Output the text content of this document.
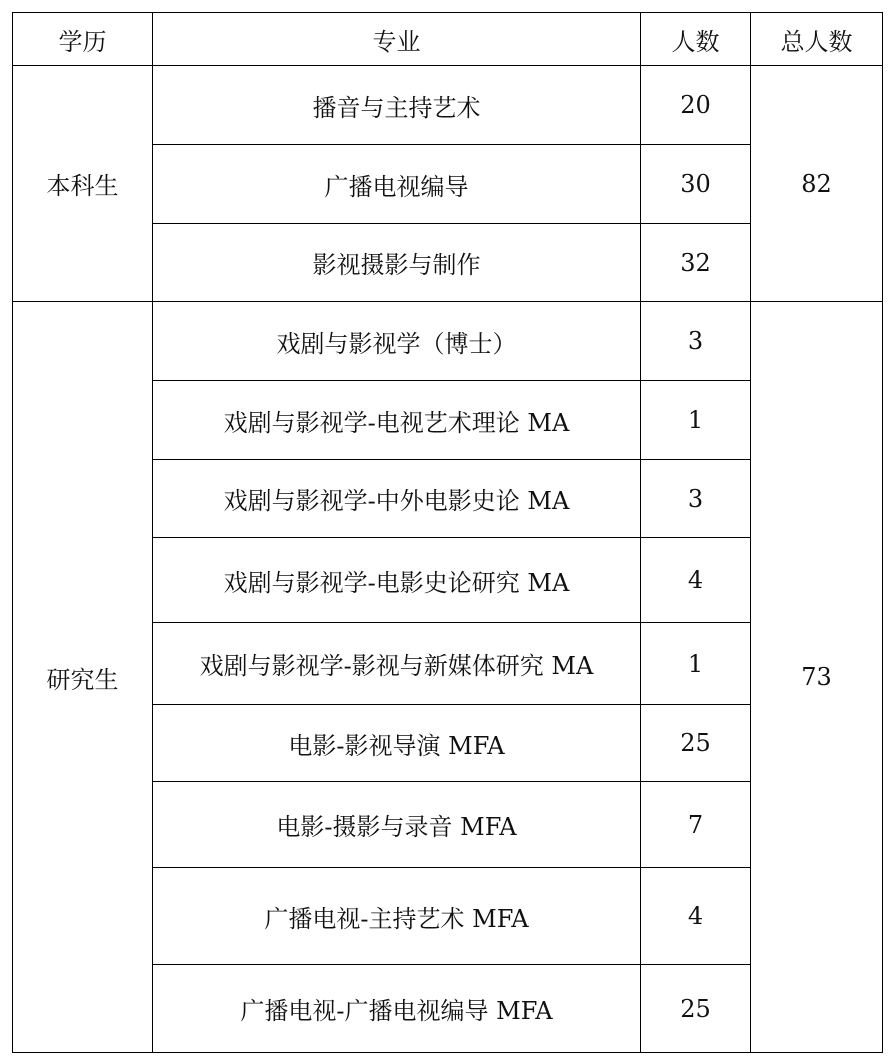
学历	专业	人数	总人数
本科生	播音与主持艺术	20	82
	广播电视编导	30	
	影视摄影与制作	32	
研究生	戏剧与影视学（博士）	3	73
	戏剧与影视学-电视艺术理论 MA	1	
	戏剧与影视学-中外电影史论 MA	3	
	戏剧与影视学-电影史论研究 MA	4	
	戏剧与影视学-影视与新媒体研究 MA	1	
	电影-影视导演 MFA	25	
	电影-摄影与录音 MFA	7	
	广播电视-主持艺术 MFA	4	
	广播电视-广播电视编导 MFA	25	
